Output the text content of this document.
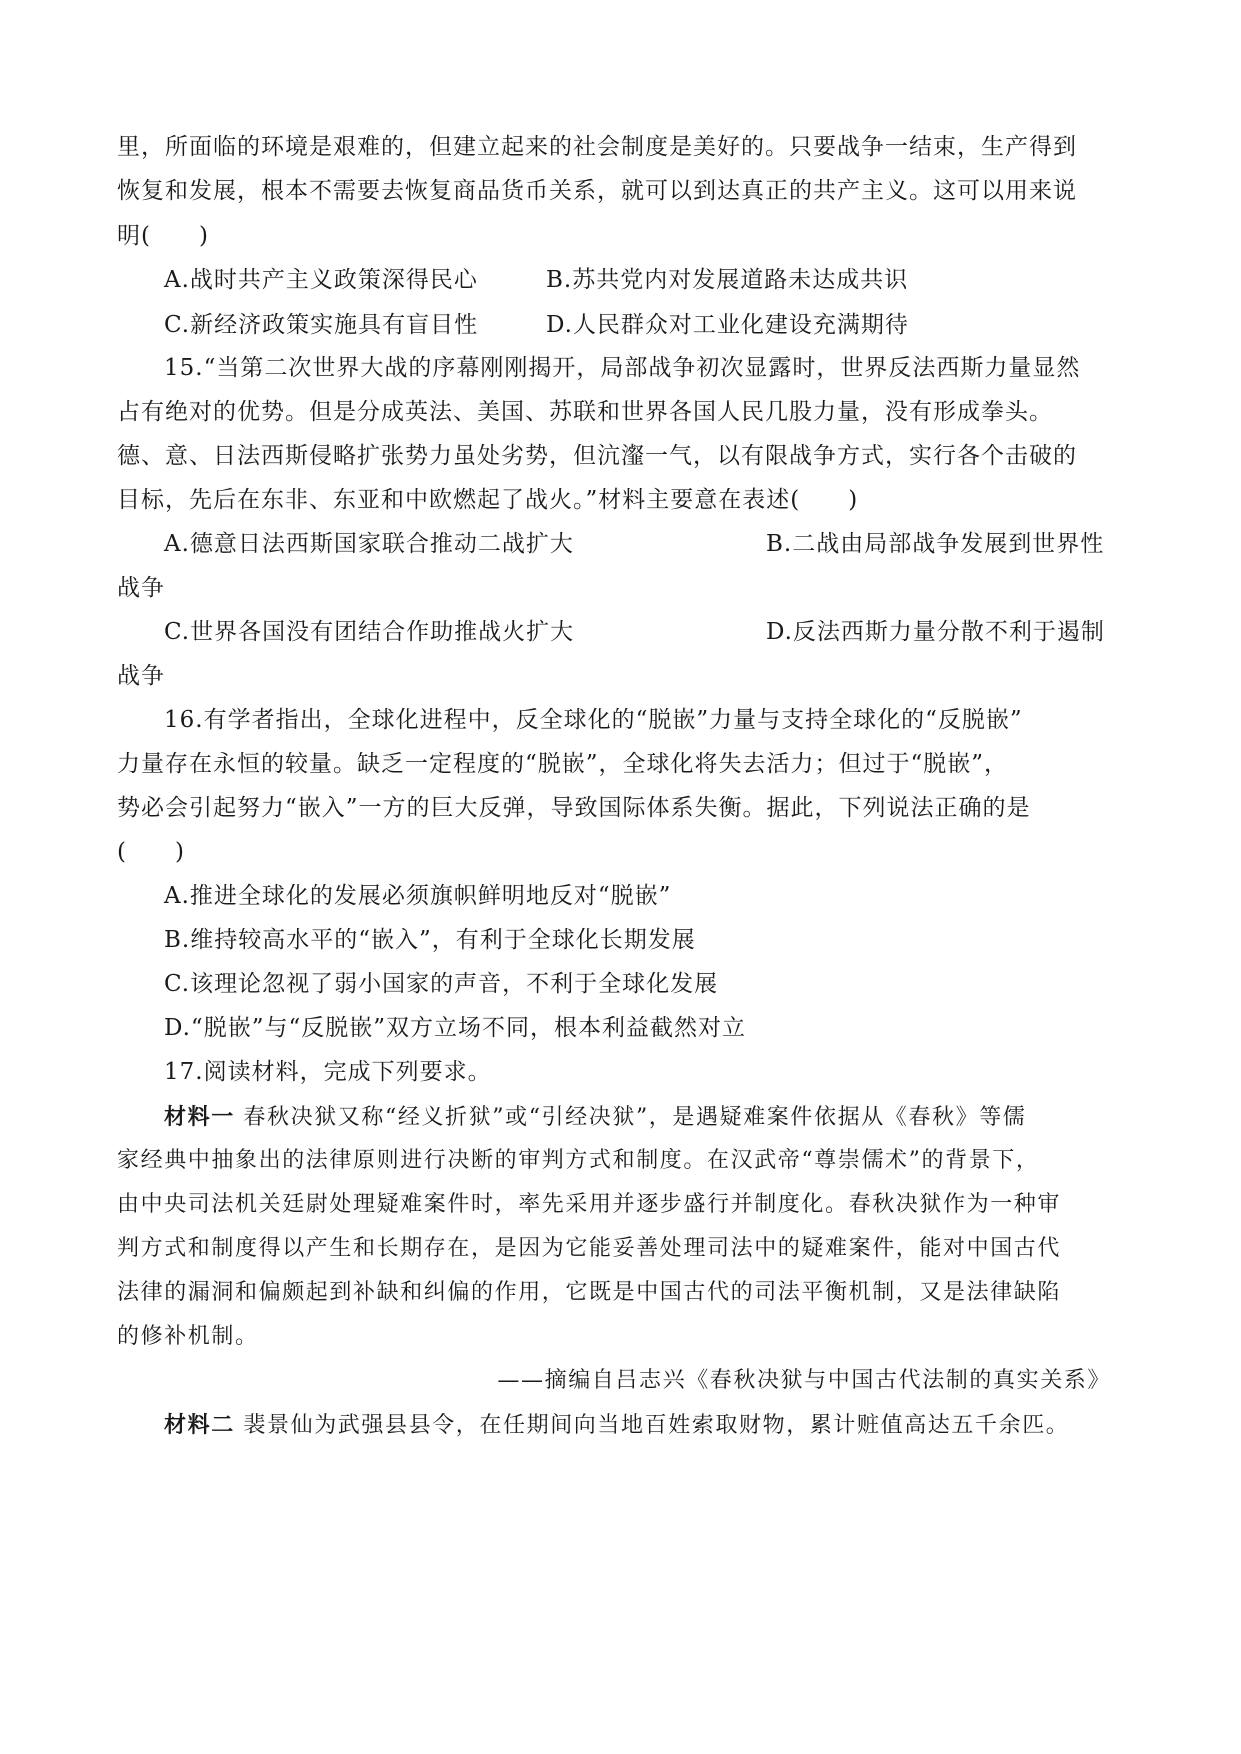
里，所面临的环境是艰难的，但建立起来的社会制度是美好的。只要战争一结束，生产得到

恢复和发展，根本不需要去恢复商品货币关系，就可以到达真正的共产主义。这可以用来说

明(　　)

A.战时共产主义政策深得民心	B.苏共党内对发展道路未达成共识

C.新经济政策实施具有盲目性	D.人民群众对工业化建设充满期待

15.“当第二次世界大战的序幕刚刚揭开，局部战争初次显露时，世界反法西斯力量显然

占有绝对的优势。但是分成英法、美国、苏联和世界各国人民几股力量，没有形成拳头。

德、意、日法西斯侵略扩张势力虽处劣势，但沆瀣一气，以有限战争方式，实行各个击破的

目标，先后在东非、东亚和中欧燃起了战火。”材料主要意在表述(　　)

A.德意日法西斯国家联合推动二战扩大	B.二战由局部战争发展到世界性

战争

C.世界各国没有团结合作助推战火扩大	D.反法西斯力量分散不利于遏制

战争

16.有学者指出，全球化进程中，反全球化的“脱嵌”力量与支持全球化的“反脱嵌”

力量存在永恒的较量。缺乏一定程度的“脱嵌”，全球化将失去活力；但过于“脱嵌”，

势必会引起努力“嵌入”一方的巨大反弹，导致国际体系失衡。据此，下列说法正确的是

(　　)

A.推进全球化的发展必须旗帜鲜明地反对“脱嵌”

B.维持较高水平的“嵌入”，有利于全球化长期发展

C.该理论忽视了弱小国家的声音，不利于全球化发展

D.“脱嵌”与“反脱嵌”双方立场不同，根本利益截然对立

17.阅读材料，完成下列要求。

材料一 春秋决狱又称“经义折狱”或“引经决狱”，是遇疑难案件依据从《春秋》等儒

家经典中抽象出的法律原则进行决断的审判方式和制度。在汉武帝“尊崇儒术”的背景下，

由中央司法机关廷尉处理疑难案件时，率先采用并逐步盛行并制度化。春秋决狱作为一种审

判方式和制度得以产生和长期存在，是因为它能妥善处理司法中的疑难案件，能对中国古代

法律的漏洞和偏颇起到补缺和纠偏的作用，它既是中国古代的司法平衡机制，又是法律缺陷

的修补机制。

——摘编自吕志兴《春秋决狱与中国古代法制的真实关系》

材料二 裴景仙为武强县县令，在任期间向当地百姓索取财物，累计赃值高达五千余匹。
